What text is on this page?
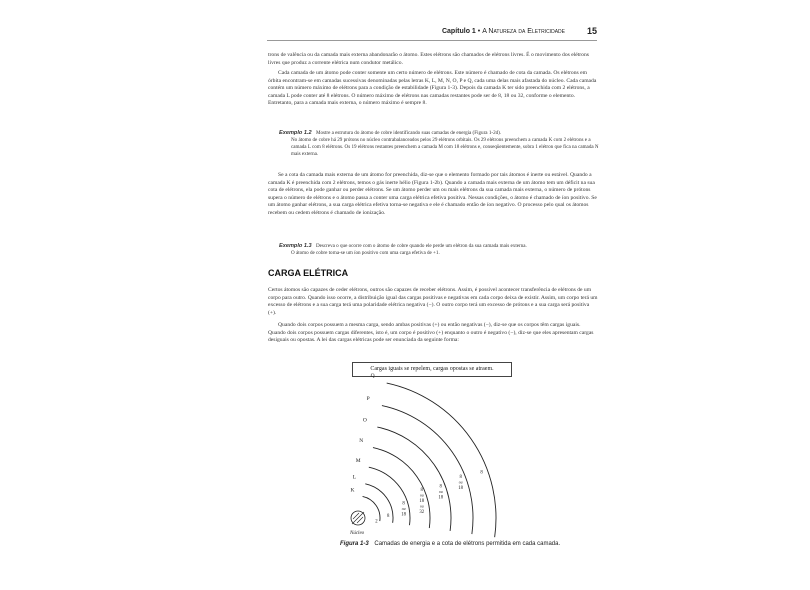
Capítulo 1 • A Natureza da Eletricidade 15

trons de valência ou da camada mais externa abandonarão o átomo. Estes elétrons são chamados de elétrons livres. É o movimento dos elétrons livres que produz a corrente elétrica num condutor metálico.

Cada camada de um átomo pode conter somente um certo número de elétrons. Este número é chamado de cota da camada. Os elétrons em órbita encontram-se em camadas sucessivas denominadas pelas letras K, L, M, N, O, P e Q, cada uma delas mais afastada do núcleo. Cada camada contém um número máximo de elétrons para a condição de estabilidade (Figura 1-3). Depois da camada K ter sido preenchida com 2 elétrons, a camada L pode conter até 8 elétrons. O número máximo de elétrons nas camadas restantes pode ser de 8, 18 ou 32, conforme o elemento. Entretanto, para a camada mais externa, o número máximo é sempre 8.

Exemplo 1.2 Mostre a estrutura do átomo de cobre identificando suas camadas de energia (Figura 1-2d).
No átomo de cobre há 29 prótons no núcleo contrabalanceados pelos 29 elétrons orbitais. Os 29 elétrons preenchem a camada K com 2 elétrons e a camada L com 8 elétrons. Os 19 elétrons restantes preenchem a camada M com 18 elétrons e, conseqüentemente, sobra 1 elétron que fica na camada N mais externa.

Se a cota da camada mais externa de um átomo for preenchida, diz-se que o elemento formado por tais átomos é inerte ou estável. Quando a camada K é preenchida com 2 elétrons, temos o gás inerte hélio (Figura 1-2b). Quando a camada mais externa de um átomo tem um déficit na sua cota de elétrons, ela pode ganhar ou perder elétrons. Se um átomo perder um ou mais elétrons da sua camada mais externa, o número de prótons supera o número de elétrons e o átomo passa a conter uma carga elétrica efetiva positiva. Nessas condições, o átomo é chamado de íon positivo. Se um átomo ganhar elétrons, a sua carga elétrica efetiva torna-se negativa e ele é chamado então de íon negativo. O processo pelo qual os átomos recebem ou cedem elétrons é chamado de ionização.

Exemplo 1.3 Descreva o que ocorre com o átomo de cobre quando ele perde um elétron da sua camada mais externa.
O átomo de cobre torna-se um íon positivo com uma carga efetiva de +1.
CARGA ELÉTRICA

Certos átomos são capazes de ceder elétrons, outros são capazes de receber elétrons. Assim, é possível acontecer transferência de elétrons de um corpo para outro. Quando isso ocorre, a distribuição igual das cargas positivas e negativas em cada corpo deixa de existir. Assim, um corpo terá um excesso de elétrons e a sua carga terá uma polaridade elétrica negativa (−). O outro corpo terá um excesso de prótons e a sua carga será positiva (+).

Quando dois corpos possuem a mesma carga, sendo ambas positivas (+) ou então negativas (−), diz-se que os corpos têm cargas iguais. Quando dois corpos possuem cargas diferentes, isto é, um corpo é positivo (+) enquanto o outro é negativo (−), diz-se que eles apresentam cargas desiguais ou opostas. A lei das cargas elétricas pode ser enunciada da seguinte forma:

Cargas iguais se repelem, cargas opostas se atraem.
Núcleo
K
2
L
8
M
8
ou
18
N
8
ou
18
ou
32
O
8
ou
18
P
8
ou
18
Q
8
Figura 1-3 Camadas de energia e a cota de elétrons permitida em cada camada.
